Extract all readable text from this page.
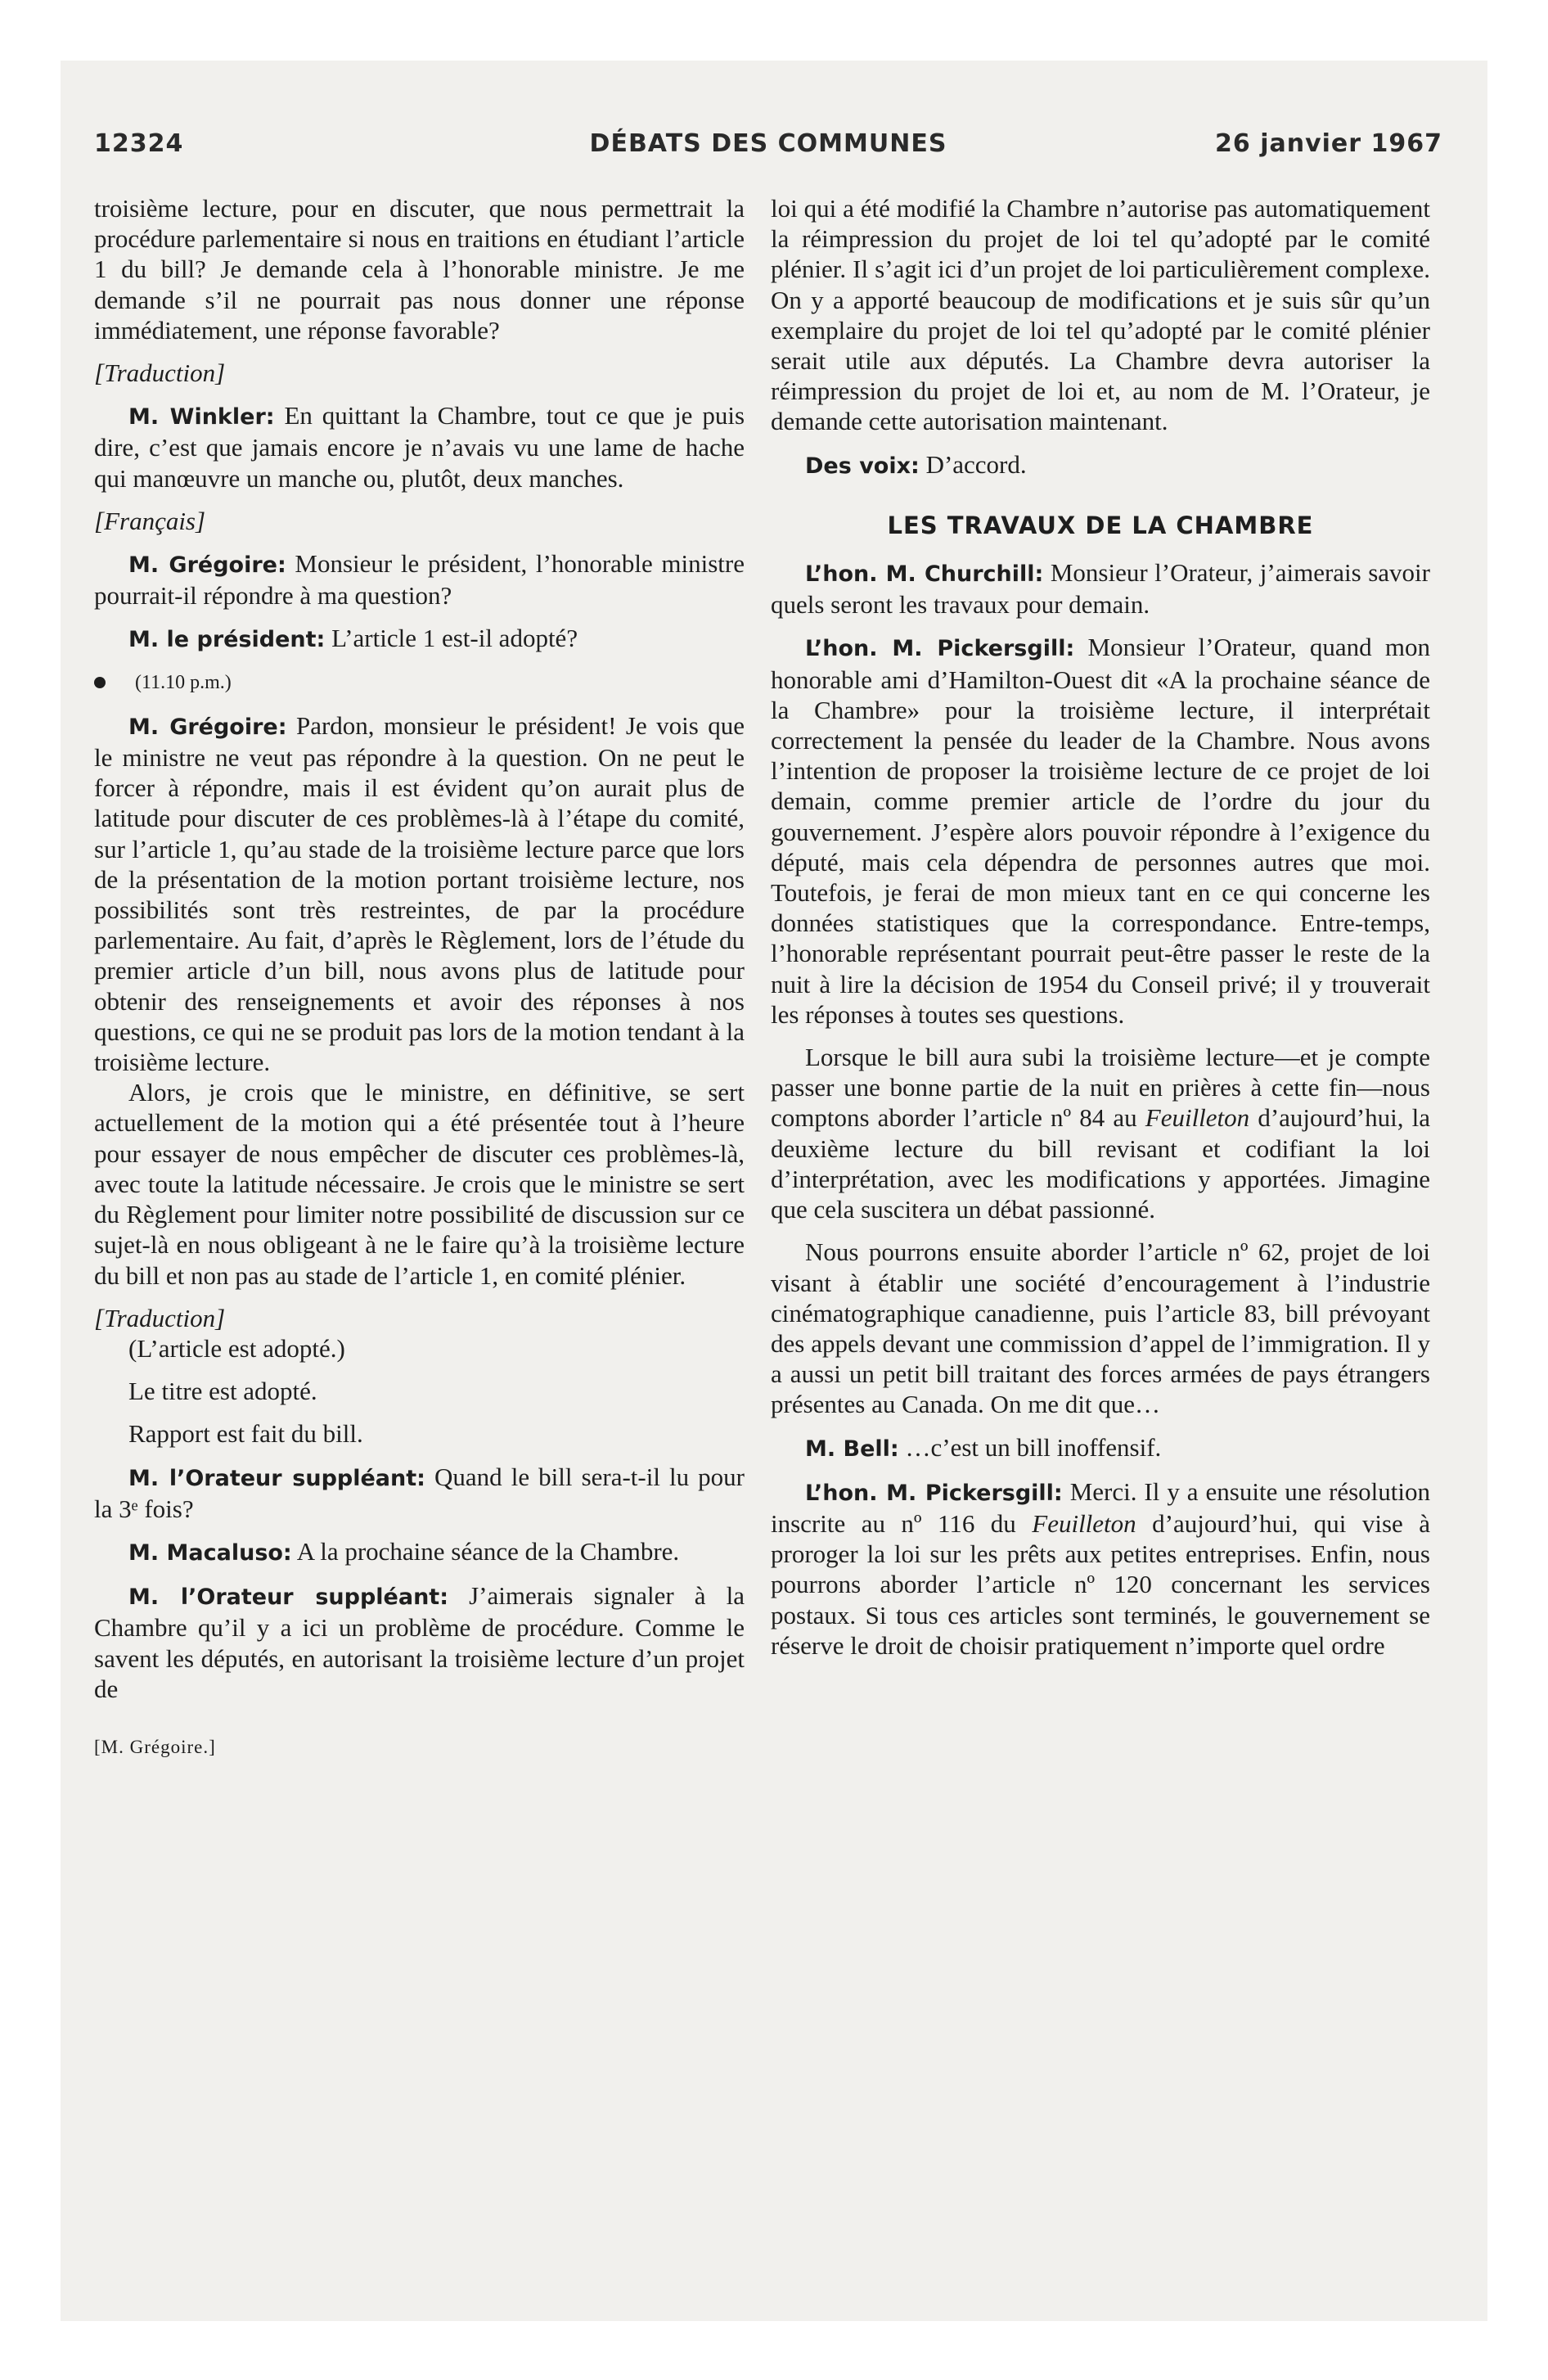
12324	DÉBATS DES COMMUNES	26 janvier 1967

troisième lecture, pour en discuter, que nous permettrait la procédure parlementaire si nous en traitions en étudiant l’article 1 du bill? Je demande cela à l’honorable ministre. Je me demande s’il ne pourrait pas nous donner une réponse immédiatement, une réponse favorable?

[Traduction]

M. Winkler: En quittant la Chambre, tout ce que je puis dire, c’est que jamais encore je n’avais vu une lame de hache qui manœuvre un manche ou, plutôt, deux manches.

[Français]

M. Grégoire: Monsieur le président, l’honorable ministre pourrait-il répondre à ma question?

M. le président: L’article 1 est-il adopté?

(11.10 p.m.)

M. Grégoire: Pardon, monsieur le président! Je vois que le ministre ne veut pas répondre à la question. On ne peut le forcer à répondre, mais il est évident qu’on aurait plus de latitude pour discuter de ces problèmes-là à l’étape du comité, sur l’article 1, qu’au stade de la troisième lecture parce que lors de la présentation de la motion portant troisième lecture, nos possibilités sont très restreintes, de par la procédure parlementaire. Au fait, d’après le Règlement, lors de l’étude du premier article d’un bill, nous avons plus de latitude pour obtenir des renseignements et avoir des réponses à nos questions, ce qui ne se produit pas lors de la motion tendant à la troisième lecture.

Alors, je crois que le ministre, en définitive, se sert actuellement de la motion qui a été présentée tout à l’heure pour essayer de nous empêcher de discuter ces problèmes-là, avec toute la latitude nécessaire. Je crois que le ministre se sert du Règlement pour limiter notre possibilité de discussion sur ce sujet-là en nous obligeant à ne le faire qu’à la troisième lecture du bill et non pas au stade de l’article 1, en comité plénier.

[Traduction]

(L’article est adopté.)

Le titre est adopté.

Rapport est fait du bill.

M. l’Orateur suppléant: Quand le bill sera-t-il lu pour la 3ᵉ fois?

M. Macaluso: A la prochaine séance de la Chambre.

M. l’Orateur suppléant: J’aimerais signaler à la Chambre qu’il y a ici un problème de procédure. Comme le savent les députés, en autorisant la troisième lecture d’un projet de

[M. Grégoire.]

loi qui a été modifié la Chambre n’autorise pas automatiquement la réimpression du projet de loi tel qu’adopté par le comité plénier. Il s’agit ici d’un projet de loi particulièrement complexe. On y a apporté beaucoup de modifications et je suis sûr qu’un exemplaire du projet de loi tel qu’adopté par le comité plénier serait utile aux députés. La Chambre devra autoriser la réimpression du projet de loi et, au nom de M. l’Orateur, je demande cette autorisation maintenant.

Des voix: D’accord.

LES TRAVAUX DE LA CHAMBRE

L’hon. M. Churchill: Monsieur l’Orateur, j’aimerais savoir quels seront les travaux pour demain.

L’hon. M. Pickersgill: Monsieur l’Orateur, quand mon honorable ami d’Hamilton-Ouest dit «A la prochaine séance de la Chambre» pour la troisième lecture, il interprétait correctement la pensée du leader de la Chambre. Nous avons l’intention de proposer la troisième lecture de ce projet de loi demain, comme premier article de l’ordre du jour du gouvernement. J’espère alors pouvoir répondre à l’exigence du député, mais cela dépendra de personnes autres que moi. Toutefois, je ferai de mon mieux tant en ce qui concerne les données statistiques que la correspondance. Entre-temps, l’honorable représentant pourrait peut-être passer le reste de la nuit à lire la décision de 1954 du Conseil privé; il y trouverait les réponses à toutes ses questions.

Lorsque le bill aura subi la troisième lecture—et je compte passer une bonne partie de la nuit en prières à cette fin—nous comptons aborder l’article nº 84 au Feuilleton d’aujourd’hui, la deuxième lecture du bill revisant et codifiant la loi d’interprétation, avec les modifications y apportées. Jimagine que cela suscitera un débat passionné.

Nous pourrons ensuite aborder l’article nº 62, projet de loi visant à établir une société d’encouragement à l’industrie cinématographique canadienne, puis l’article 83, bill prévoyant des appels devant une commission d’appel de l’immigration. Il y a aussi un petit bill traitant des forces armées de pays étrangers présentes au Canada. On me dit que…

M. Bell: …c’est un bill inoffensif.

L’hon. M. Pickersgill: Merci. Il y a ensuite une résolution inscrite au nº 116 du Feuilleton d’aujourd’hui, qui vise à proroger la loi sur les prêts aux petites entreprises. Enfin, nous pourrons aborder l’article nº 120 concernant les services postaux. Si tous ces articles sont terminés, le gouvernement se réserve le droit de choisir pratiquement n’importe quel ordre
